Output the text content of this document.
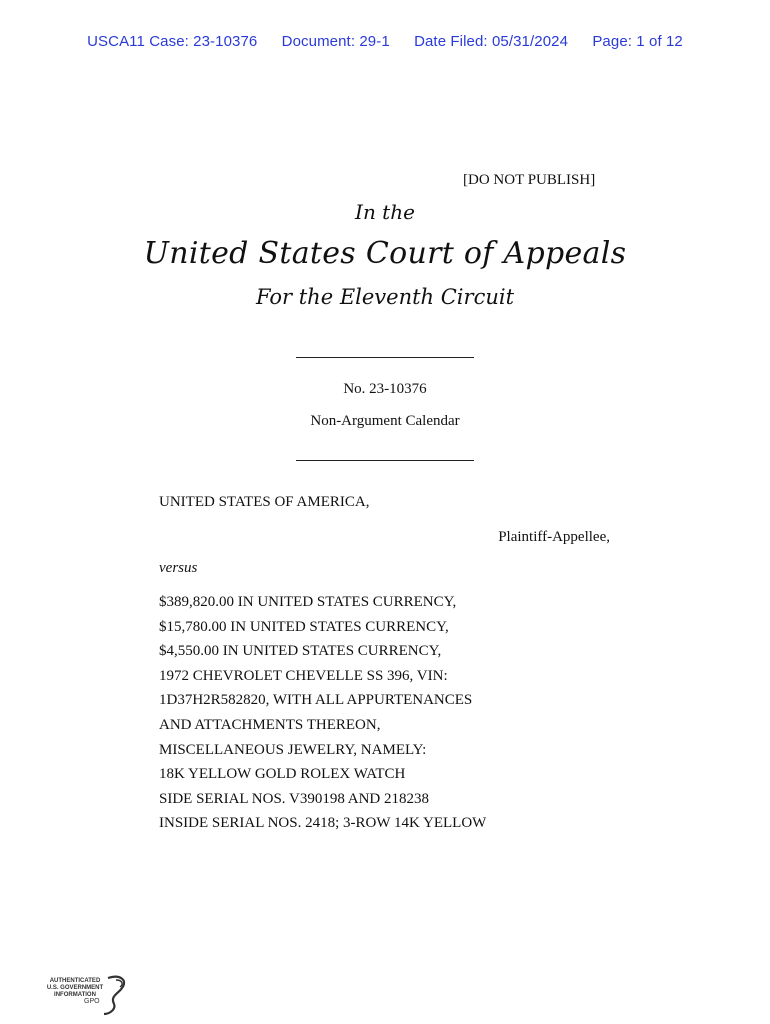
USCA11 Case: 23-10376 Document: 29-1 Date Filed: 05/31/2024 Page: 1 of 12
[DO NOT PUBLISH]
In the
United States Court of Appeals
For the Eleventh Circuit
No. 23-10376
Non-Argument Calendar
UNITED STATES OF AMERICA,
Plaintiff-Appellee,
versus
$389,820.00 IN UNITED STATES CURRENCY,
$15,780.00 IN UNITED STATES CURRENCY,
$4,550.00 IN UNITED STATES CURRENCY,
1972 CHEVROLET CHEVELLE SS 396, VIN:
1D37H2R582820, WITH ALL APPURTENANCES
AND ATTACHMENTS THEREON,
MISCELLANEOUS JEWELRY, NAMELY:
18K YELLOW GOLD ROLEX WATCH
SIDE SERIAL NOS. V390198 AND 218238
INSIDE SERIAL NOS. 2418; 3-ROW 14K YELLOW
AUTHENTICATED
U.S. GOVERNMENT
INFORMATION
GPO
